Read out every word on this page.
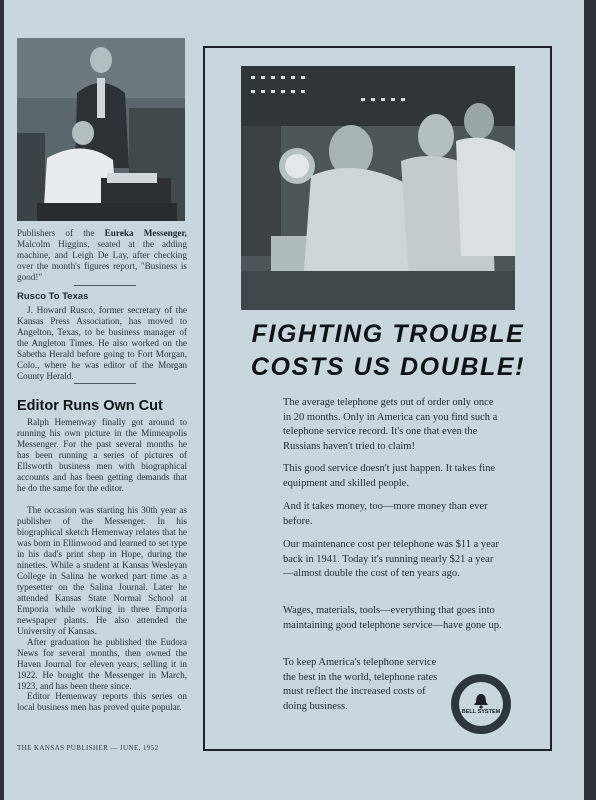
Publishers of the Eureka Messenger, Malcolm Higgins, seated at the adding machine, and Leigh De Lay, after checking over the month's figures report, "Business is good!"
Rusco To Texas
J. Howard Rusco, former secretary of the Kansas Press Association, has moved to Angelton, Texas, to be business manager of the Angleton Times. He also worked on the Sabetha Herald before going to Fort Morgan, Colo., where he was editor of the Morgan County Herald.
Editor Runs Own Cut
Ralph Hemenway finally got around to running his own picture in the Minneapolis Messenger. For the past several months he has been running a series of pictures of Ellsworth business men with biographical accounts and has been getting demands that he do the same for the editor.
The occasion was starting his 30th year as publisher of the Messenger. In his biographical sketch Hemenway relates that he was born in Ellinwood and learned to set type in his dad's print shop in Hope, during the nineties. While a student at Kansas Wesleyan College in Salina he worked part time as a typesetter on the Salina Journal. Later he attended Kansas State Normal School at Emporia while working in three Emporia newspaper plants. He also attended the University of Kansas.
After graduation he published the Eudora News for several months, then owned the Haven Journal for eleven years, selling it in 1922. He bought the Messenger in March, 1923, and has been there since.
Editor Hemenway reports this series on local business men has proved quite popular.
THE KANSAS PUBLISHER — JUNE, 1952
FIGHTING TROUBLE
COSTS US DOUBLE!
The average telephone gets out of order only once in 20 months. Only in America can you find such a telephone service record. It's one that even the Russians haven't tried to claim!
This good service doesn't just happen. It takes fine equipment and skilled people.
And it takes money, too—more money than ever before.
Our maintenance cost per telephone was $11 a year back in 1941. Today it's running nearly $21 a year—almost double the cost of ten years ago.
Wages, materials, tools—everything that goes into maintaining good telephone service—have gone up.
To keep America's telephone service the best in the world, telephone rates must reflect the increased costs of doing business.
BELL SYSTEM
